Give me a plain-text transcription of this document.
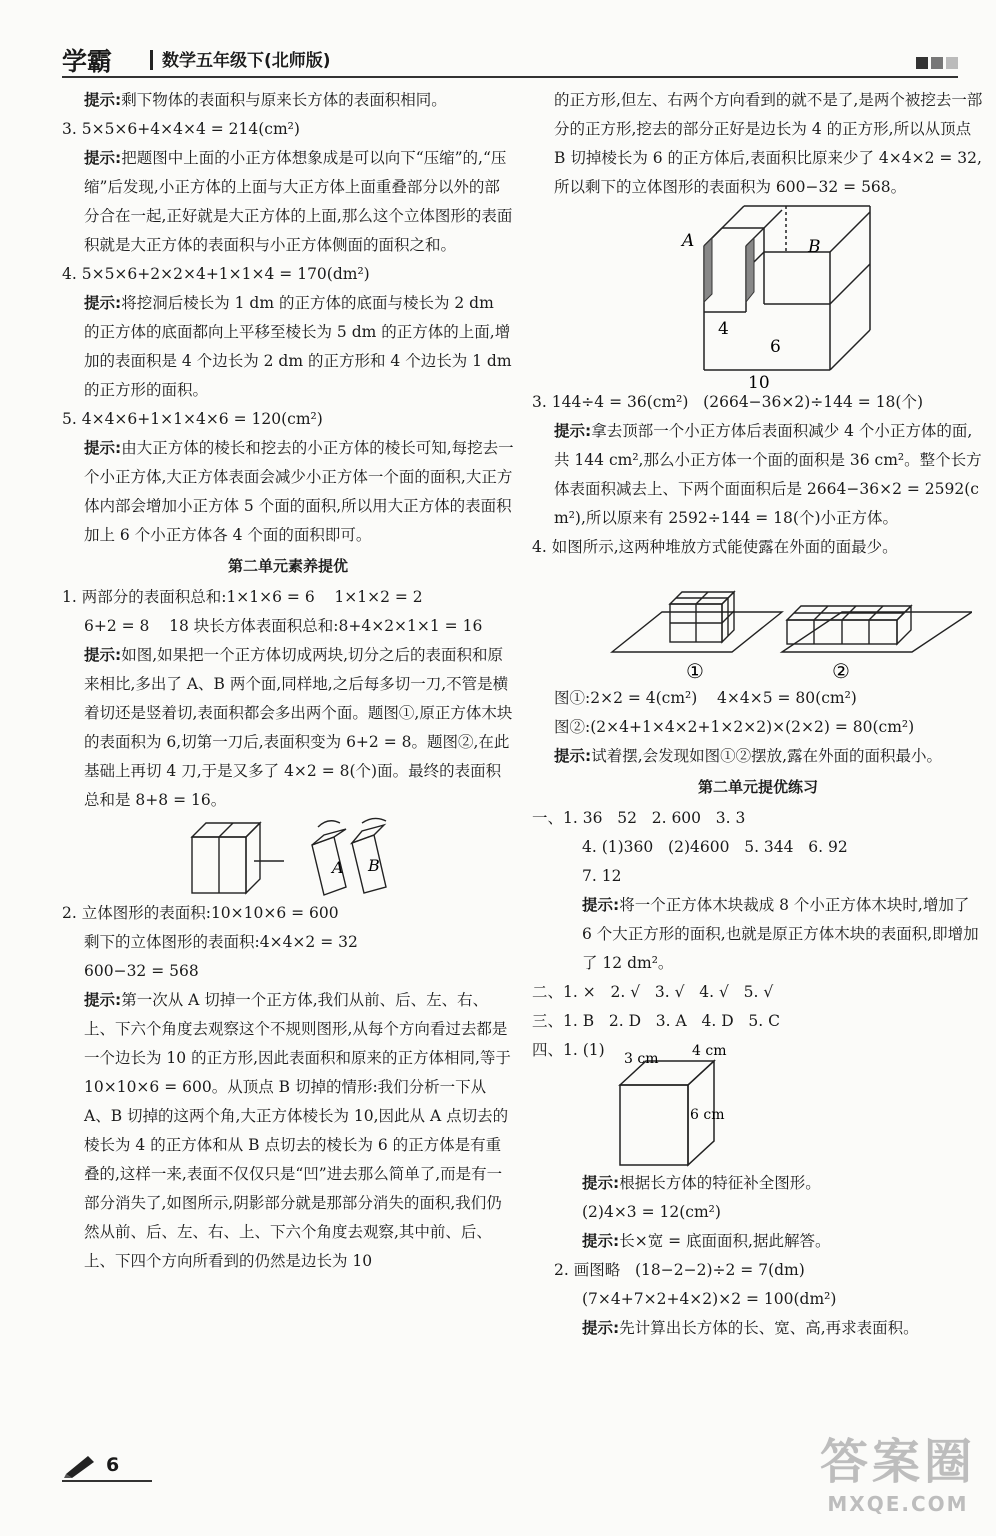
学霸	数学五年级下(北师版)

提示:剩下物体的表面积与原来长方体的表面积相同。

3. 5×5×6+4×4×4 = 214(cm²)

提示:把题图中上面的小正方体想象成是可以向下“压缩”的,“压缩”后发现,小正方体的上面与大正方体上面重叠部分以外的部分合在一起,正好就是大正方体的上面,那么这个立体图形的表面积就是大正方体的表面积与小正方体侧面的面积之和。

4. 5×5×6+2×2×4+1×1×4 = 170(dm²)

提示:将挖洞后棱长为 1 dm 的正方体的底面与棱长为 2 dm 的正方体的底面都向上平移至棱长为 5 dm 的正方体的上面,增加的表面积是 4 个边长为 2 dm 的正方形和 4 个边长为 1 dm 的正方形的面积。

5. 4×4×6+1×1×4×6 = 120(cm²)

提示:由大正方体的棱长和挖去的小正方体的棱长可知,每挖去一个小正方体,大正方体表面会减少小正方体一个面的面积,大正方体内部会增加小正方体 5 个面的面积,所以用大正方体的表面积加上 6 个小正方体各 4 个面的面积即可。

第二单元素养提优

1. 两部分的表面积总和:1×1×6 = 6    1×1×2 = 2

6+2 = 8    18 块长方体表面积总和:8+4×2×1×1 = 16

提示:如图,如果把一个正方体切成两块,切分之后的表面积和原来相比,多出了 A、B 两个面,同样地,之后每多切一刀,不管是横着切还是竖着切,表面积都会多出两个面。题图①,原正方体木块的表面积为 6,切第一刀后,表面积变为 6+2 = 8。题图②,在此基础上再切 4 刀,于是又多了 4×2 = 8(个)面。最终的表面积总和是 8+8 = 16。

A B

2. 立体图形的表面积:10×10×6 = 600

剩下的立体图形的表面积:4×4×2 = 32

600−32 = 568

提示:第一次从 A 切掉一个正方体,我们从前、后、左、右、上、下六个角度去观察这个不规则图形,从每个方向看过去都是一个边长为 10 的正方形,因此表面积和原来的正方体相同,等于 10×10×6 = 600。从顶点 B 切掉的情形:我们分析一下从 A、B 切掉的这两个角,大正方体棱长为 10,因此从 A 点切去的棱长为 4 的正方体和从 B 点切去的棱长为 6 的正方体是有重叠的,这样一来,表面不仅仅只是“凹”进去那么简单了,而是有一部分消失了,如图所示,阴影部分就是那部分消失的面积,我们仍然从前、后、左、右、上、下六个角度去观察,其中前、后、上、下四个方向所看到的仍然是边长为 10

的正方形,但左、右两个方向看到的就不是了,是两个被挖去一部分的正方形,挖去的部分正好是边长为 4 的正方形,所以从顶点 B 切掉棱长为 6 的正方体后,表面积比原来少了 4×4×2 = 32,所以剩下的立体图形的表面积为 600−32 = 568。

A	B
4
6
10

3. 144÷4 = 36(cm²)   (2664−36×2)÷144 = 18(个)

提示:拿去顶部一个小正方体后表面积减少 4 个小正方体的面,共 144 cm²,那么小正方体一个面的面积是 36 cm²。整个长方体表面积减去上、下两个面面积后是 2664−36×2 = 2592(cm²),所以原来有 2592÷144 = 18(个)小正方体。

4. 如图所示,这两种堆放方式能使露在外面的面最少。

①	②

图①:2×2 = 4(cm²)    4×4×5 = 80(cm²)

图②:(2×4+1×4×2+1×2×2)×(2×2) = 80(cm²)

提示:试着摆,会发现如图①②摆放,露在外面的面积最小。

第二单元提优练习

一、1. 36   52   2. 600   3. 3

4. (1)360   (2)4600   5. 344   6. 92

7. 12

提示:将一个正方体木块裁成 8 个小正方体木块时,增加了 6 个大正方形的面积,也就是原正方体木块的表面积,即增加了 12 dm²。

二、1. ×   2. √   3. √   4. √   5. √

三、1. B   2. D   3. A   4. D   5. C

四、1. (1)	3 cm 4 cm
6 cm

提示:根据长方体的特征补全图形。

(2)4×3 = 12(cm²)

提示:长×宽 = 底面面积,据此解答。

2. 画图略   (18−2−2)÷2 = 7(dm)

(7×4+7×2+4×2)×2 = 100(dm²)

提示:先计算出长方体的长、宽、高,再求表面积。

6	答案圈
MXQE.COM
